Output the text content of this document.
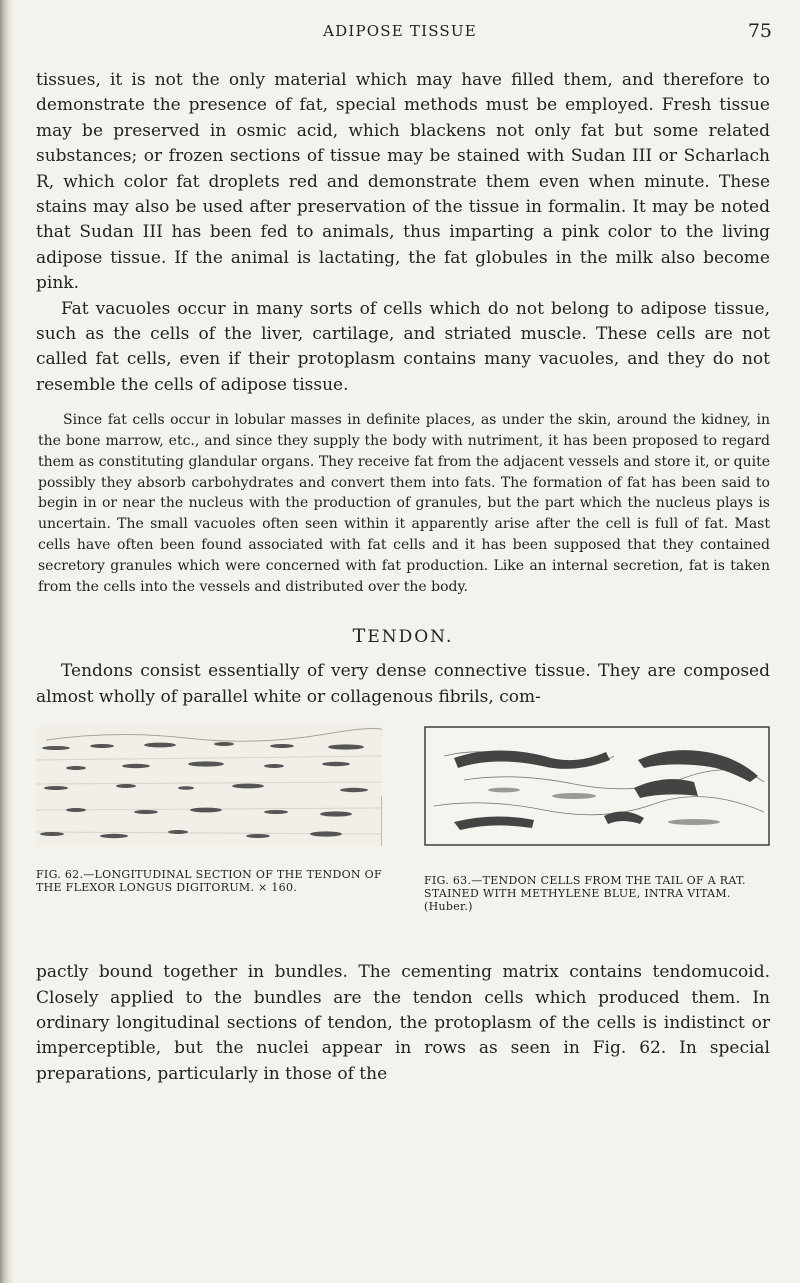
ADIPOSE TISSUE	75

tissues, it is not the only material which may have filled them, and therefore to demonstrate the presence of fat, special methods must be employed. Fresh tissue may be preserved in osmic acid, which blackens not only fat but some related substances; or frozen sections of tissue may be stained with Sudan III or Scharlach R, which color fat droplets red and demonstrate them even when minute. These stains may also be used after preservation of the tissue in formalin. It may be noted that Sudan III has been fed to animals, thus imparting a pink color to the living adipose tissue. If the animal is lactating, the fat globules in the milk also become pink.

Fat vacuoles occur in many sorts of cells which do not belong to adipose tissue, such as the cells of the liver, cartilage, and striated muscle. These cells are not called fat cells, even if their protoplasm contains many vacuoles, and they do not resemble the cells of adipose tissue.

Since fat cells occur in lobular masses in definite places, as under the skin, around the kidney, in the bone marrow, etc., and since they supply the body with nutriment, it has been proposed to regard them as constituting glandular organs. They receive fat from the adjacent vessels and store it, or quite possibly they absorb carbohydrates and convert them into fats. The formation of fat has been said to begin in or near the nucleus with the production of granules, but the part which the nucleus plays is uncertain. The small vacuoles often seen within it apparently arise after the cell is full of fat. Mast cells have often been found associated with fat cells and it has been supposed that they contained secretory granules which were concerned with fat production. Like an internal secretion, fat is taken from the cells into the vessels and distributed over the body.

TENDON.

Tendons consist essentially of very dense connective tissue. They are composed almost wholly of parallel white or collagenous fibrils, com-

FIG. 62.—LONGITUDINAL SECTION OF THE TENDON OF THE FLEXOR LONGUS DIGITORUM. × 160.
FIG. 63.—TENDON CELLS FROM THE TAIL OF A RAT. STAINED WITH METHYLENE BLUE, INTRA VITAM. (Huber.)

pactly bound together in bundles. The cementing matrix contains tendomucoid. Closely applied to the bundles are the tendon cells which produced them. In ordinary longitudinal sections of tendon, the protoplasm of the cells is indistinct or imperceptible, but the nuclei appear in rows as seen in Fig. 62. In special preparations, particularly in those of the
